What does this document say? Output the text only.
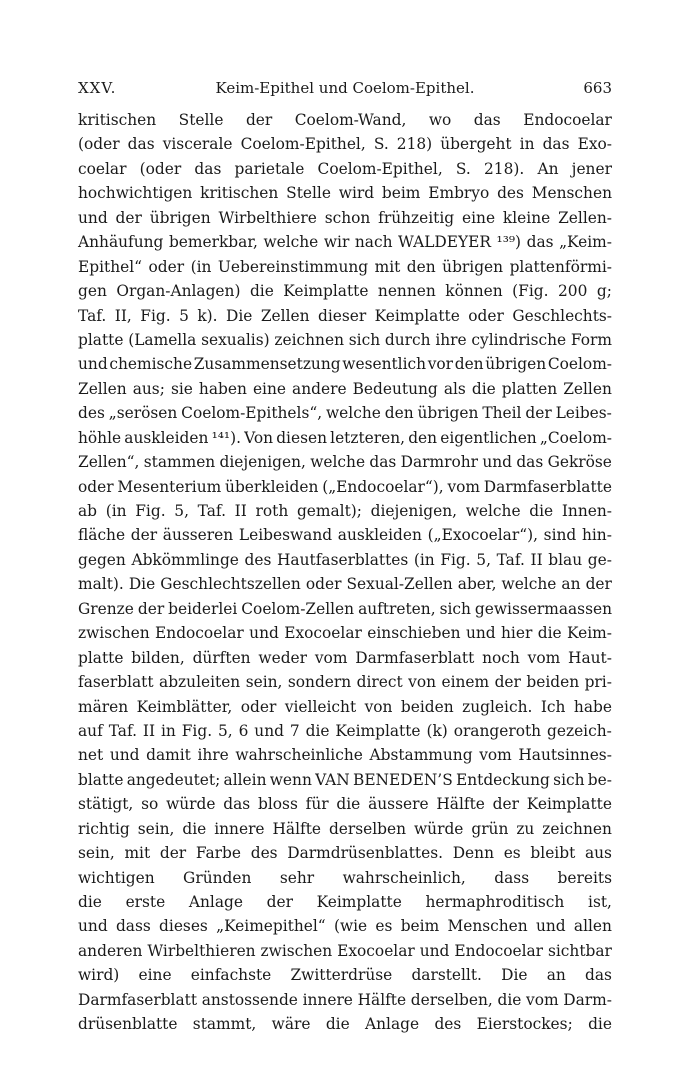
XXV.	Keim-Epithel und Coelom-Epithel.	663
kritischen Stelle der Coelom-Wand, wo das Endocoelar
(oder das viscerale Coelom-Epithel, S. 218) übergeht in das Exo-
coelar (oder das parietale Coelom-Epithel, S. 218). An jener
hochwichtigen kritischen Stelle wird beim Embryo des Menschen
und der übrigen Wirbelthiere schon frühzeitig eine kleine Zellen-
Anhäufung bemerkbar, welche wir nach WALDEYER ¹³⁹) das „Keim-
Epithel“ oder (in Uebereinstimmung mit den übrigen plattenförmi-
gen Organ-Anlagen) die Keimplatte nennen können (Fig. 200 g;
Taf. II, Fig. 5 k). Die Zellen dieser Keimplatte oder Geschlechts-
platte (Lamella sexualis) zeichnen sich durch ihre cylindrische Form
und chemische Zusammensetzung wesentlich vor den übrigen Coelom-
Zellen aus; sie haben eine andere Bedeutung als die platten Zellen
des „serösen Coelom-Epithels“, welche den übrigen Theil der Leibes-
höhle auskleiden ¹⁴¹). Von diesen letzteren, den eigentlichen „Coelom-
Zellen“, stammen diejenigen, welche das Darmrohr und das Gekröse
oder Mesenterium überkleiden („Endocoelar“), vom Darmfaserblatte
ab (in Fig. 5, Taf. II roth gemalt); diejenigen, welche die Innen-
fläche der äusseren Leibeswand auskleiden („Exocoelar“), sind hin-
gegen Abkömmlinge des Hautfaserblattes (in Fig. 5, Taf. II blau ge-
malt). Die Geschlechtszellen oder Sexual-Zellen aber, welche an der
Grenze der beiderlei Coelom-Zellen auftreten, sich gewissermaassen
zwischen Endocoelar und Exocoelar einschieben und hier die Keim-
platte bilden, dürften weder vom Darmfaserblatt noch vom Haut-
faserblatt abzuleiten sein, sondern direct von einem der beiden pri-
mären Keimblätter, oder vielleicht von beiden zugleich. Ich habe
auf Taf. II in Fig. 5, 6 und 7 die Keimplatte (k) orangeroth gezeich-
net und damit ihre wahrscheinliche Abstammung vom Hautsinnes-
blatte angedeutet; allein wenn VAN BENEDEN’S Entdeckung sich be-
stätigt, so würde das bloss für die äussere Hälfte der Keimplatte
richtig sein, die innere Hälfte derselben würde grün zu zeichnen
sein, mit der Farbe des Darmdrüsenblattes. Denn es bleibt aus
wichtigen Gründen sehr wahrscheinlich, dass bereits
die erste Anlage der Keimplatte hermaphroditisch ist,
und dass dieses „Keimepithel“ (wie es beim Menschen und allen
anderen Wirbelthieren zwischen Exocoelar und Endocoelar sichtbar
wird) eine einfachste Zwitterdrüse darstellt. Die an das
Darmfaserblatt anstossende innere Hälfte derselben, die vom Darm-
drüsenblatte stammt, wäre die Anlage des Eierstockes; die
